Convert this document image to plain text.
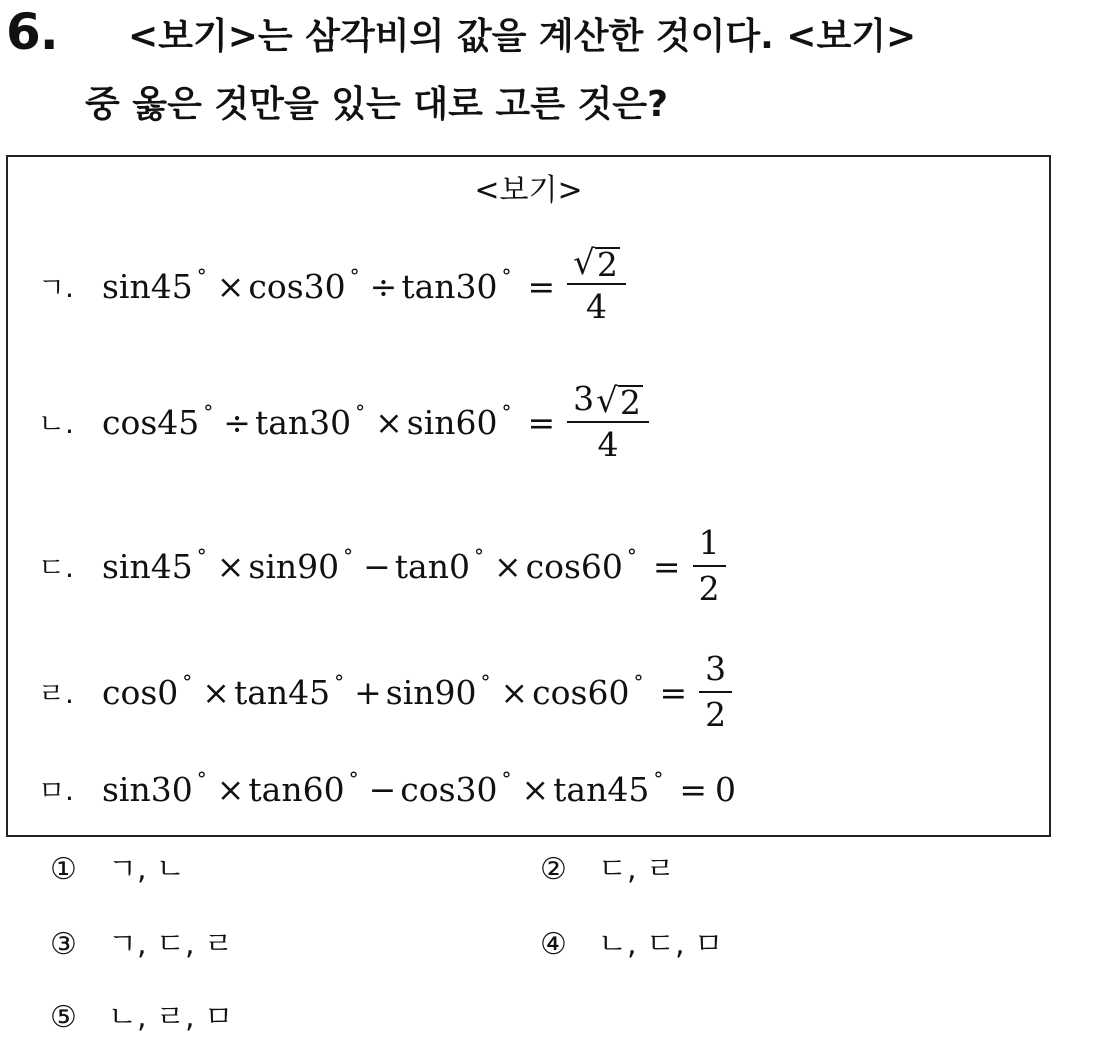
6. <보기>는 삼각비의 값을 계산한 것이다. <보기>
중 옳은 것만을 있는 대로 고른 것은?
<보기>
ㄱ. sin45 ° × cos30 ° ÷ tan30 ° = $\frac{√ 2}{4}$
ㄴ. cos45 ° ÷ tan30 ° × sin60 ° = $\frac{3 √ 2}{4}$
ㄷ. sin45 ° × sin90 ° − tan0 ° × cos60 ° = $\frac{1}{2}$
ㄹ. cos0 ° × tan45 ° + sin90 ° × cos60 ° = $\frac{3}{2}$
ㅁ. sin30 ° × tan60 ° − cos30 ° × tan45 ° = 0
① ㄱ, ㄴ	② ㄷ, ㄹ
③ ㄱ, ㄷ, ㄹ	④ ㄴ, ㄷ, ㅁ
⑤ ㄴ, ㄹ, ㅁ
